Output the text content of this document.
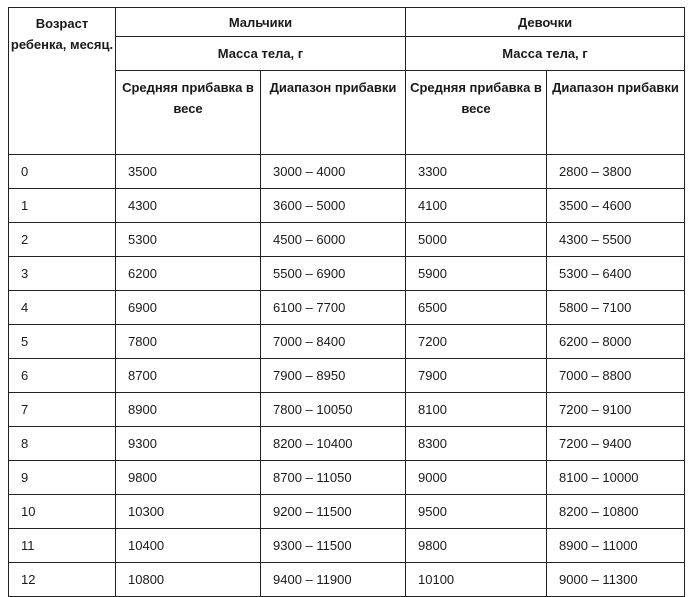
Возраст ребенка, месяц.	Мальчики		Девочки	
	Масса тела, г		Масса тела, г	
	Средняя прибавка в весе	Диапазон прибавки	Средняя прибавка в весе	Диапазон прибавки
0	3500	3000 – 4000	3300	2800 – 3800
1	4300	3600 – 5000	4100	3500 – 4600
2	5300	4500 – 6000	5000	4300 – 5500
3	6200	5500 – 6900	5900	5300 – 6400
4	6900	6100 – 7700	6500	5800 – 7100
5	7800	7000 – 8400	7200	6200 – 8000
6	8700	7900 – 8950	7900	7000 – 8800
7	8900	7800 – 10050	8100	7200 – 9100
8	9300	8200 – 10400	8300	7200 – 9400
9	9800	8700 – 11050	9000	8100 – 10000
10	10300	9200 – 11500	9500	8200 – 10800
11	10400	9300 – 11500	9800	8900 – 11000
12	10800	9400 – 11900	10100	9000 – 11300
